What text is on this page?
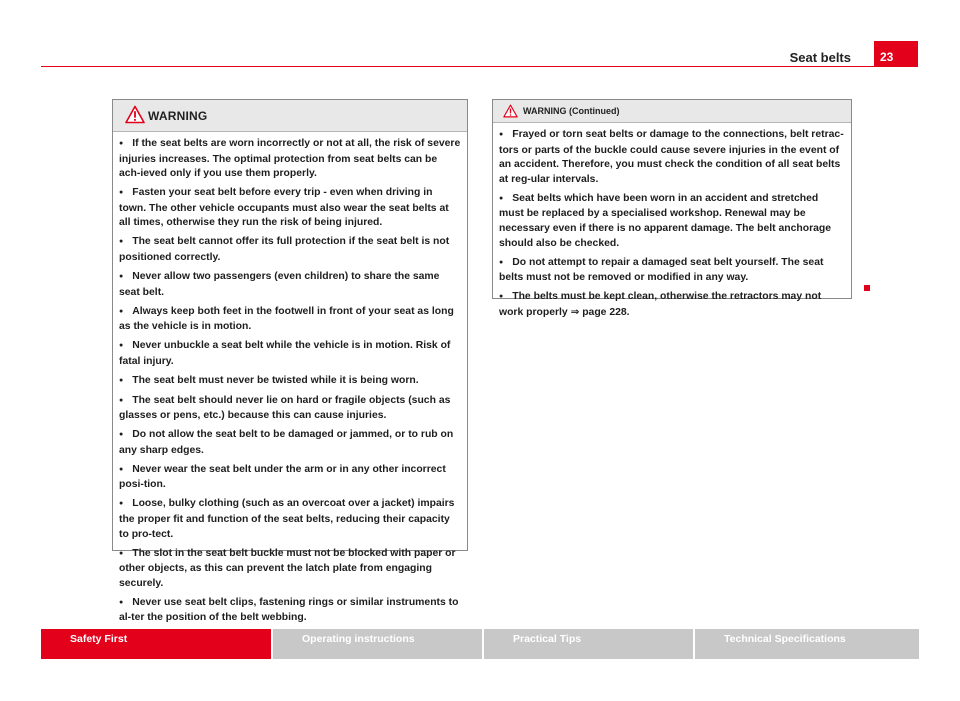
Seat belts	23
WARNING
● If the seat belts are worn incorrectly or not at all, the risk of severe injuries increases. The optimal protection from seat belts can be ach-ieved only if you use them properly.
● Fasten your seat belt before every trip - even when driving in town. The other vehicle occupants must also wear the seat belts at all times, otherwise they run the risk of being injured.
● The seat belt cannot offer its full protection if the seat belt is not positioned correctly.
● Never allow two passengers (even children) to share the same seat belt.
● Always keep both feet in the footwell in front of your seat as long as the vehicle is in motion.
● Never unbuckle a seat belt while the vehicle is in motion. Risk of fatal injury.
● The seat belt must never be twisted while it is being worn.
● The seat belt should never lie on hard or fragile objects (such as glasses or pens, etc.) because this can cause injuries.
● Do not allow the seat belt to be damaged or jammed, or to rub on any sharp edges.
● Never wear the seat belt under the arm or in any other incorrect posi-tion.
● Loose, bulky clothing (such as an overcoat over a jacket) impairs the proper fit and function of the seat belts, reducing their capacity to pro-tect.
● The slot in the seat belt buckle must not be blocked with paper or other objects, as this can prevent the latch plate from engaging securely.
● Never use seat belt clips, fastening rings or similar instruments to al-ter the position of the belt webbing.
WARNING (Continued)
● Frayed or torn seat belts or damage to the connections, belt retrac-tors or parts of the buckle could cause severe injuries in the event of an accident. Therefore, you must check the condition of all seat belts at reg-ular intervals.
● Seat belts which have been worn in an accident and stretched must be replaced by a specialised workshop. Renewal may be necessary even if there is no apparent damage. The belt anchorage should also be checked.
● Do not attempt to repair a damaged seat belt yourself. The seat belts must not be removed or modified in any way.
● The belts must be kept clean, otherwise the retractors may not work properly ⇒ page 228.
Safety First	Operating instructions	Practical Tips	Technical Specifications
